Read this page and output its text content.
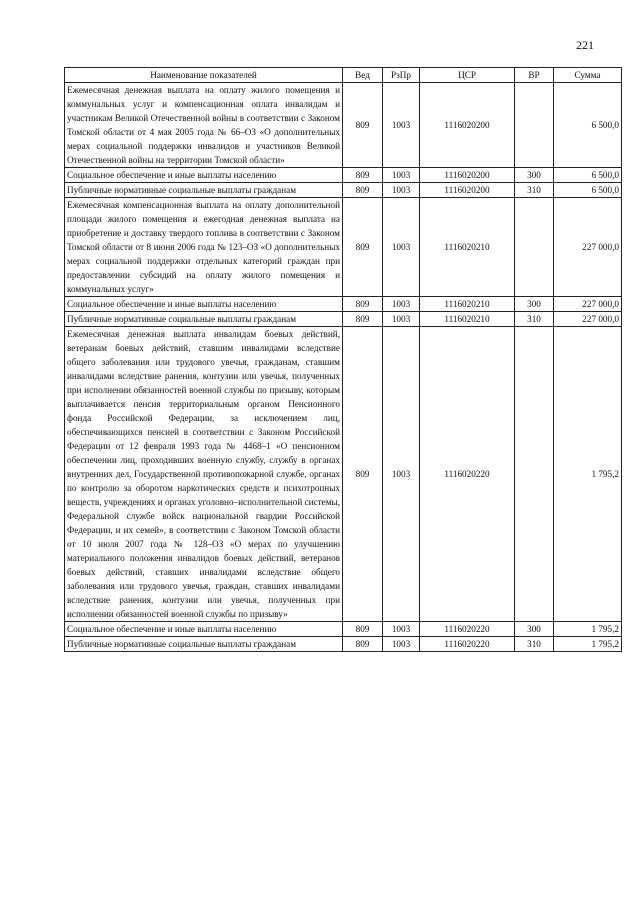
221
Наименование показателей	Вед	РзПр	ЦСР	ВР	Сумма
Ежемесячная денежная выплата на оплату жилого помещения и коммунальных услуг и компенсационная оплата инвалидам и участникам Великой Отечественной войны в соответствии с Законом Томской области от 4 мая 2005 года № 66–ОЗ «О дополнительных мерах социальной поддержки инвалидов и участников Великой Отечественной войны на территории Томской области»	809	1003	1116020200		6 500,0
Социальное обеспечение и иные выплаты населению	809	1003	1116020200	300	6 500,0
Публичные нормативные социальные выплаты гражданам	809	1003	1116020200	310	6 500,0
Ежемесячная компенсационная выплата на оплату дополнительной площади жилого помещения и ежегодная денежная выплата на приобретение и доставку твердого топлива в соответствии с Законом Томской области от 8 июня 2006 года № 123–ОЗ «О дополнительных мерах социальной поддержки отдельных категорий граждан при предоставлении субсидий на оплату жилого помещения и коммунальных услуг»	809	1003	1116020210		227 000,0
Социальное обеспечение и иные выплаты населению	809	1003	1116020210	300	227 000,0
Публичные нормативные социальные выплаты гражданам	809	1003	1116020210	310	227 000,0
Ежемесячная денежная выплата инвалидам боевых действий, ветеранам боевых действий, ставшим инвалидами вследствие общего заболевания или трудового увечья, гражданам, ставшим инвалидами вследствие ранения, контузии или увечья, полученных при исполнении обязанностей военной службы по призыву, которым выплачивается пенсия территориальным органом Пенсионного фонда Российской Федерации, за исключением лиц, обеспечивающихся пенсией в соответствии с Законом Российской Федерации от 12 февраля 1993 года № 4468–1 «О пенсионном обеспечении лиц, проходивших военную службу, службу в органах внутренних дел, Государственной противопожарной службе, органах по контролю за оборотом наркотических средств и психотропных веществ, учреждениях и органах уголовно–исполнительной системы, Федеральной службе войск национальной гвардии Российской Федерации, и их семей», в соответствии с Законом Томской области от 10 июля 2007 года № 128–ОЗ «О мерах по улучшению материального положения инвалидов боевых действий, ветеранов боевых действий, ставших инвалидами вследствие общего заболевания или трудового увечья, граждан, ставших инвалидами вследствие ранения, контузии или увечья, полученных при исполнении обязанностей военной службы по призыву»	809	1003	1116020220		1 795,2
Социальное обеспечение и иные выплаты населению	809	1003	1116020220	300	1 795,2
Публичные нормативные социальные выплаты гражданам	809	1003	1116020220	310	1 795,2
